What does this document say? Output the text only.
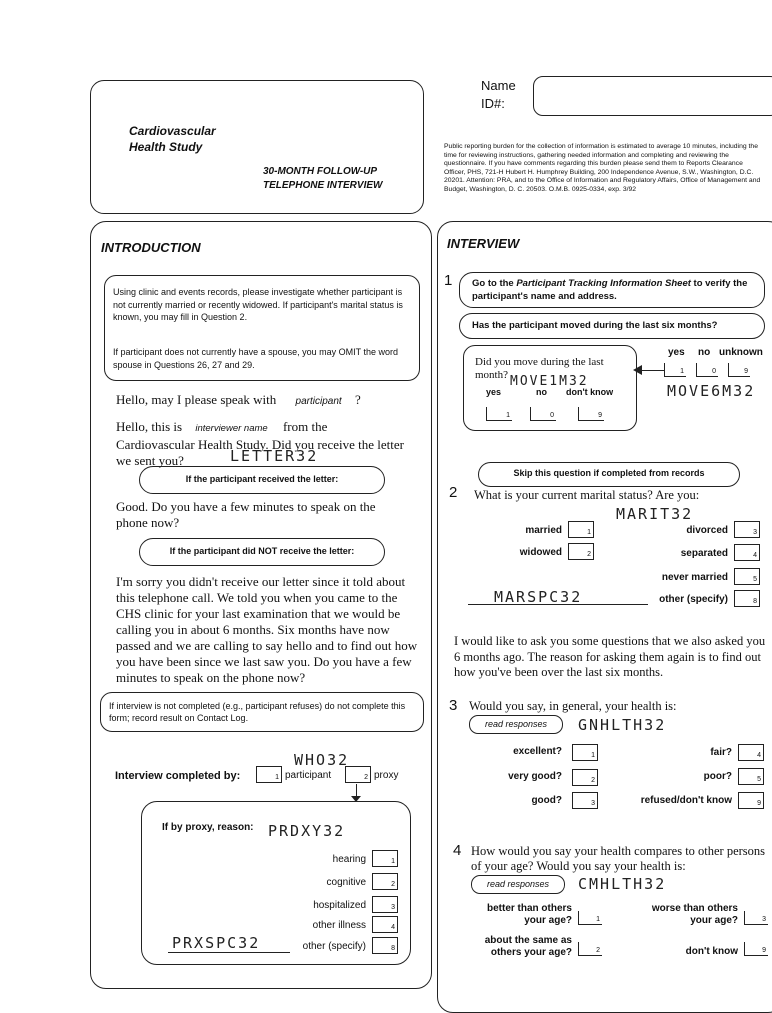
Cardiovascular Health Study
30-MONTH FOLLOW-UP TELEPHONE INTERVIEW
Name
ID#:
Public reporting burden for the collection of information is estimated to average 10 minutes, including the time for reviewing instructions, gathering needed information and completing and reviewing the questionnaire. If you have comments regarding this burden please send them to Reports Clearance Officer, PHS, 721-H Hubert H. Humphrey Building, 200 Independence Avenue, S.W., Washington, D.C. 20201. Attention: PRA, and to the Office of Information and Regulatory Affairs, Office of Management and Budget, Washington, D. C. 20503. O.M.B. 0925-0334, exp. 3/92
INTRODUCTION
Using clinic and events records, please investigate whether participant is not currently married or recently widowed. If participant's marital status is known, you may fill in Question 2.
If participant does not currently have a spouse, you may OMIT the word spouse in Questions 26, 27 and 29.
Hello, may I please speak with participant ?
Hello, this is interviewer name from the Cardiovascular Health Study. Did you receive the letter we sent you?	LETTER32
If the participant received the letter:
Good. Do you have a few minutes to speak on the phone now?
If the participant did NOT receive the letter:
I'm sorry you didn't receive our letter since it told about this telephone call. We told you when you came to the CHS clinic for your last examination that we would be calling you in about 6 months. Six months have now passed and we are calling to say hello and to find out how you have been since we last saw you. Do you have a few minutes to speak on the phone now?
If interview is not completed (e.g., participant refuses) do not complete this form; record result on Contact Log.
WHO32
Interview completed by:	1 participant	2 proxy
If by proxy, reason: PRDXY32
hearing	1
cognitive	2
hospitalized	3
other illness	4
PRXSPC32	other (specify)	8
INTERVIEW
1 Go to the Participant Tracking Information Sheet to verify the participant's name and address.
Has the participant moved during the last six months?
yes no unknown
1	0	9
MOVE6M32
Did you move during the last month? MOVE1M32
yes	no don't know
1	0	9
Skip this question if completed from records
2 What is your current marital status? Are you:
MARIT32
married	1
widowed	2
divorced	3
separated	4
never married	5
MARSPC32	other (specify)	8
I would like to ask you some questions that we also asked you 6 months ago. The reason for asking them again is to find out how you've been over the last six months.
3 Would you say, in general, your health is:
read responses	GNHLTH32
excellent?	1
very good?	2
good?	3
fair?	4
poor?	5
refused/don't know	9
4 How would you say your health compares to other persons of your age? Would you say your health is:
read responses	CMHLTH32
better than others your age?	1
about the same as others your age?	2
worse than others your age?	3
don't know	9
